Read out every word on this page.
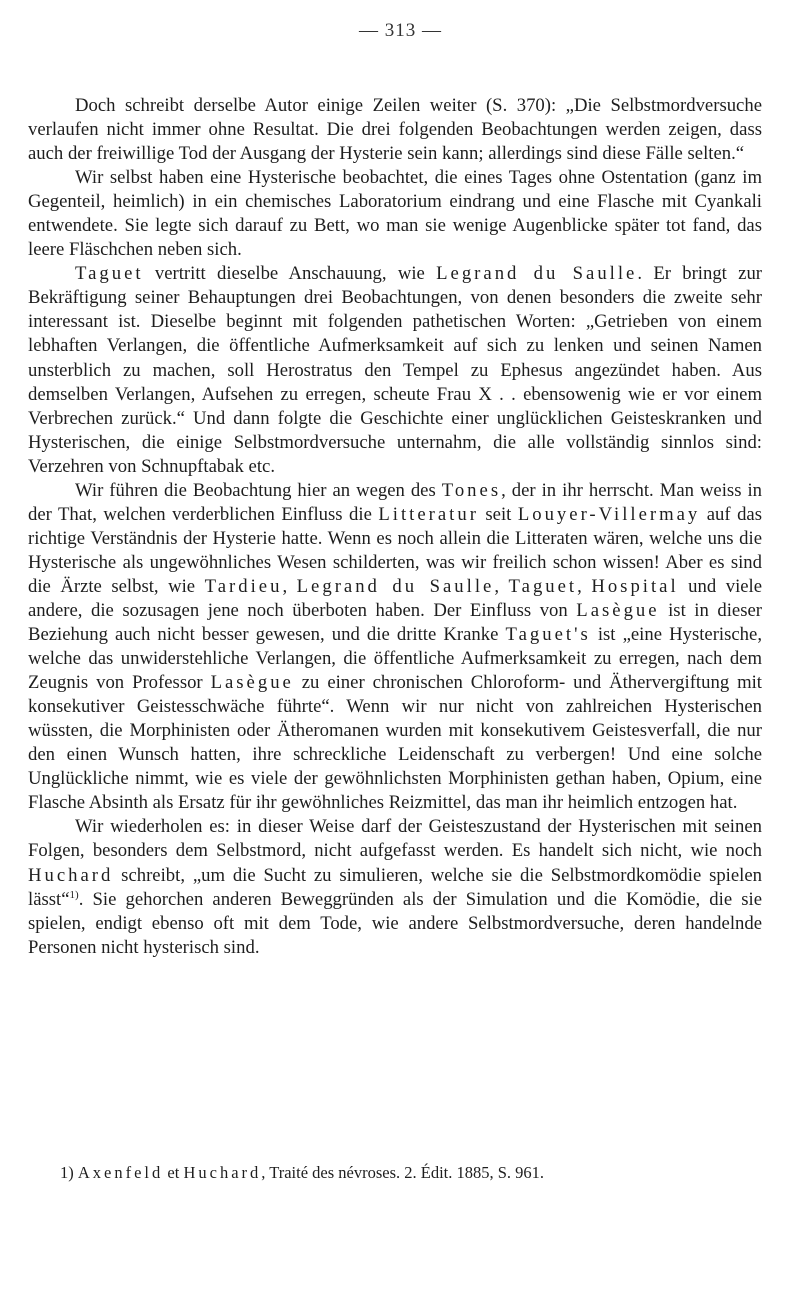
— 313 —

Doch schreibt derselbe Autor einige Zeilen weiter (S. 370): „Die Selbstmordversuche verlaufen nicht immer ohne Resultat. Die drei folgenden Beobachtungen werden zeigen, dass auch der freiwillige Tod der Ausgang der Hysterie sein kann; allerdings sind diese Fälle selten.“

Wir selbst haben eine Hysterische beobachtet, die eines Tages ohne Ostentation (ganz im Gegenteil, heimlich) in ein chemisches Laboratorium eindrang und eine Flasche mit Cyankali entwendete. Sie legte sich darauf zu Bett, wo man sie wenige Augenblicke später tot fand, das leere Fläschchen neben sich.

Taguet vertritt dieselbe Anschauung, wie Legrand du Saulle. Er bringt zur Bekräftigung seiner Behauptungen drei Beobachtungen, von denen besonders die zweite sehr interessant ist. Dieselbe beginnt mit folgenden pathetischen Worten: „Getrieben von einem lebhaften Verlangen, die öffentliche Aufmerksamkeit auf sich zu lenken und seinen Namen unsterblich zu machen, soll Herostratus den Tempel zu Ephesus angezündet haben. Aus demselben Verlangen, Aufsehen zu erregen, scheute Frau X . . ebensowenig wie er vor einem Verbrechen zurück.“ Und dann folgte die Geschichte einer unglücklichen Geisteskranken und Hysterischen, die einige Selbstmordversuche unternahm, die alle vollständig sinnlos sind: Verzehren von Schnupftabak etc.

Wir führen die Beobachtung hier an wegen des Tones, der in ihr herrscht. Man weiss in der That, welchen verderblichen Einfluss die Litteratur seit Louyer-Villermay auf das richtige Verständnis der Hysterie hatte. Wenn es noch allein die Litteraten wären, welche uns die Hysterische als ungewöhnliches Wesen schilderten, was wir freilich schon wissen! Aber es sind die Ärzte selbst, wie Tardieu, Legrand du Saulle, Taguet, Hospital und viele andere, die sozusagen jene noch überboten haben. Der Einfluss von Lasègue ist in dieser Beziehung auch nicht besser gewesen, und die dritte Kranke Taguet's ist „eine Hysterische, welche das unwiderstehliche Verlangen, die öffentliche Aufmerksamkeit zu erregen, nach dem Zeugnis von Professor Lasègue zu einer chronischen Chloroform- und Äthervergiftung mit konsekutiver Geistesschwäche führte“. Wenn wir nur nicht von zahlreichen Hysterischen wüssten, die Morphinisten oder Ätheromanen wurden mit konsekutivem Geistesverfall, die nur den einen Wunsch hatten, ihre schreckliche Leidenschaft zu verbergen! Und eine solche Unglückliche nimmt, wie es viele der gewöhnlichsten Morphinisten gethan haben, Opium, eine Flasche Absinth als Ersatz für ihr gewöhnliches Reizmittel, das man ihr heimlich entzogen hat.

Wir wiederholen es: in dieser Weise darf der Geisteszustand der Hysterischen mit seinen Folgen, besonders dem Selbstmord, nicht aufgefasst werden. Es handelt sich nicht, wie noch Huchard schreibt, „um die Sucht zu simulieren, welche sie die Selbstmordkomödie spielen lässt“$^{1)}$. Sie gehorchen anderen Beweggründen als der Simulation und die Komödie, die sie spielen, endigt ebenso oft mit dem Tode, wie andere Selbstmordversuche, deren handelnde Personen nicht hysterisch sind.

1) Axenfeld et Huchard, Traité des névroses. 2. Édit. 1885, S. 961.
